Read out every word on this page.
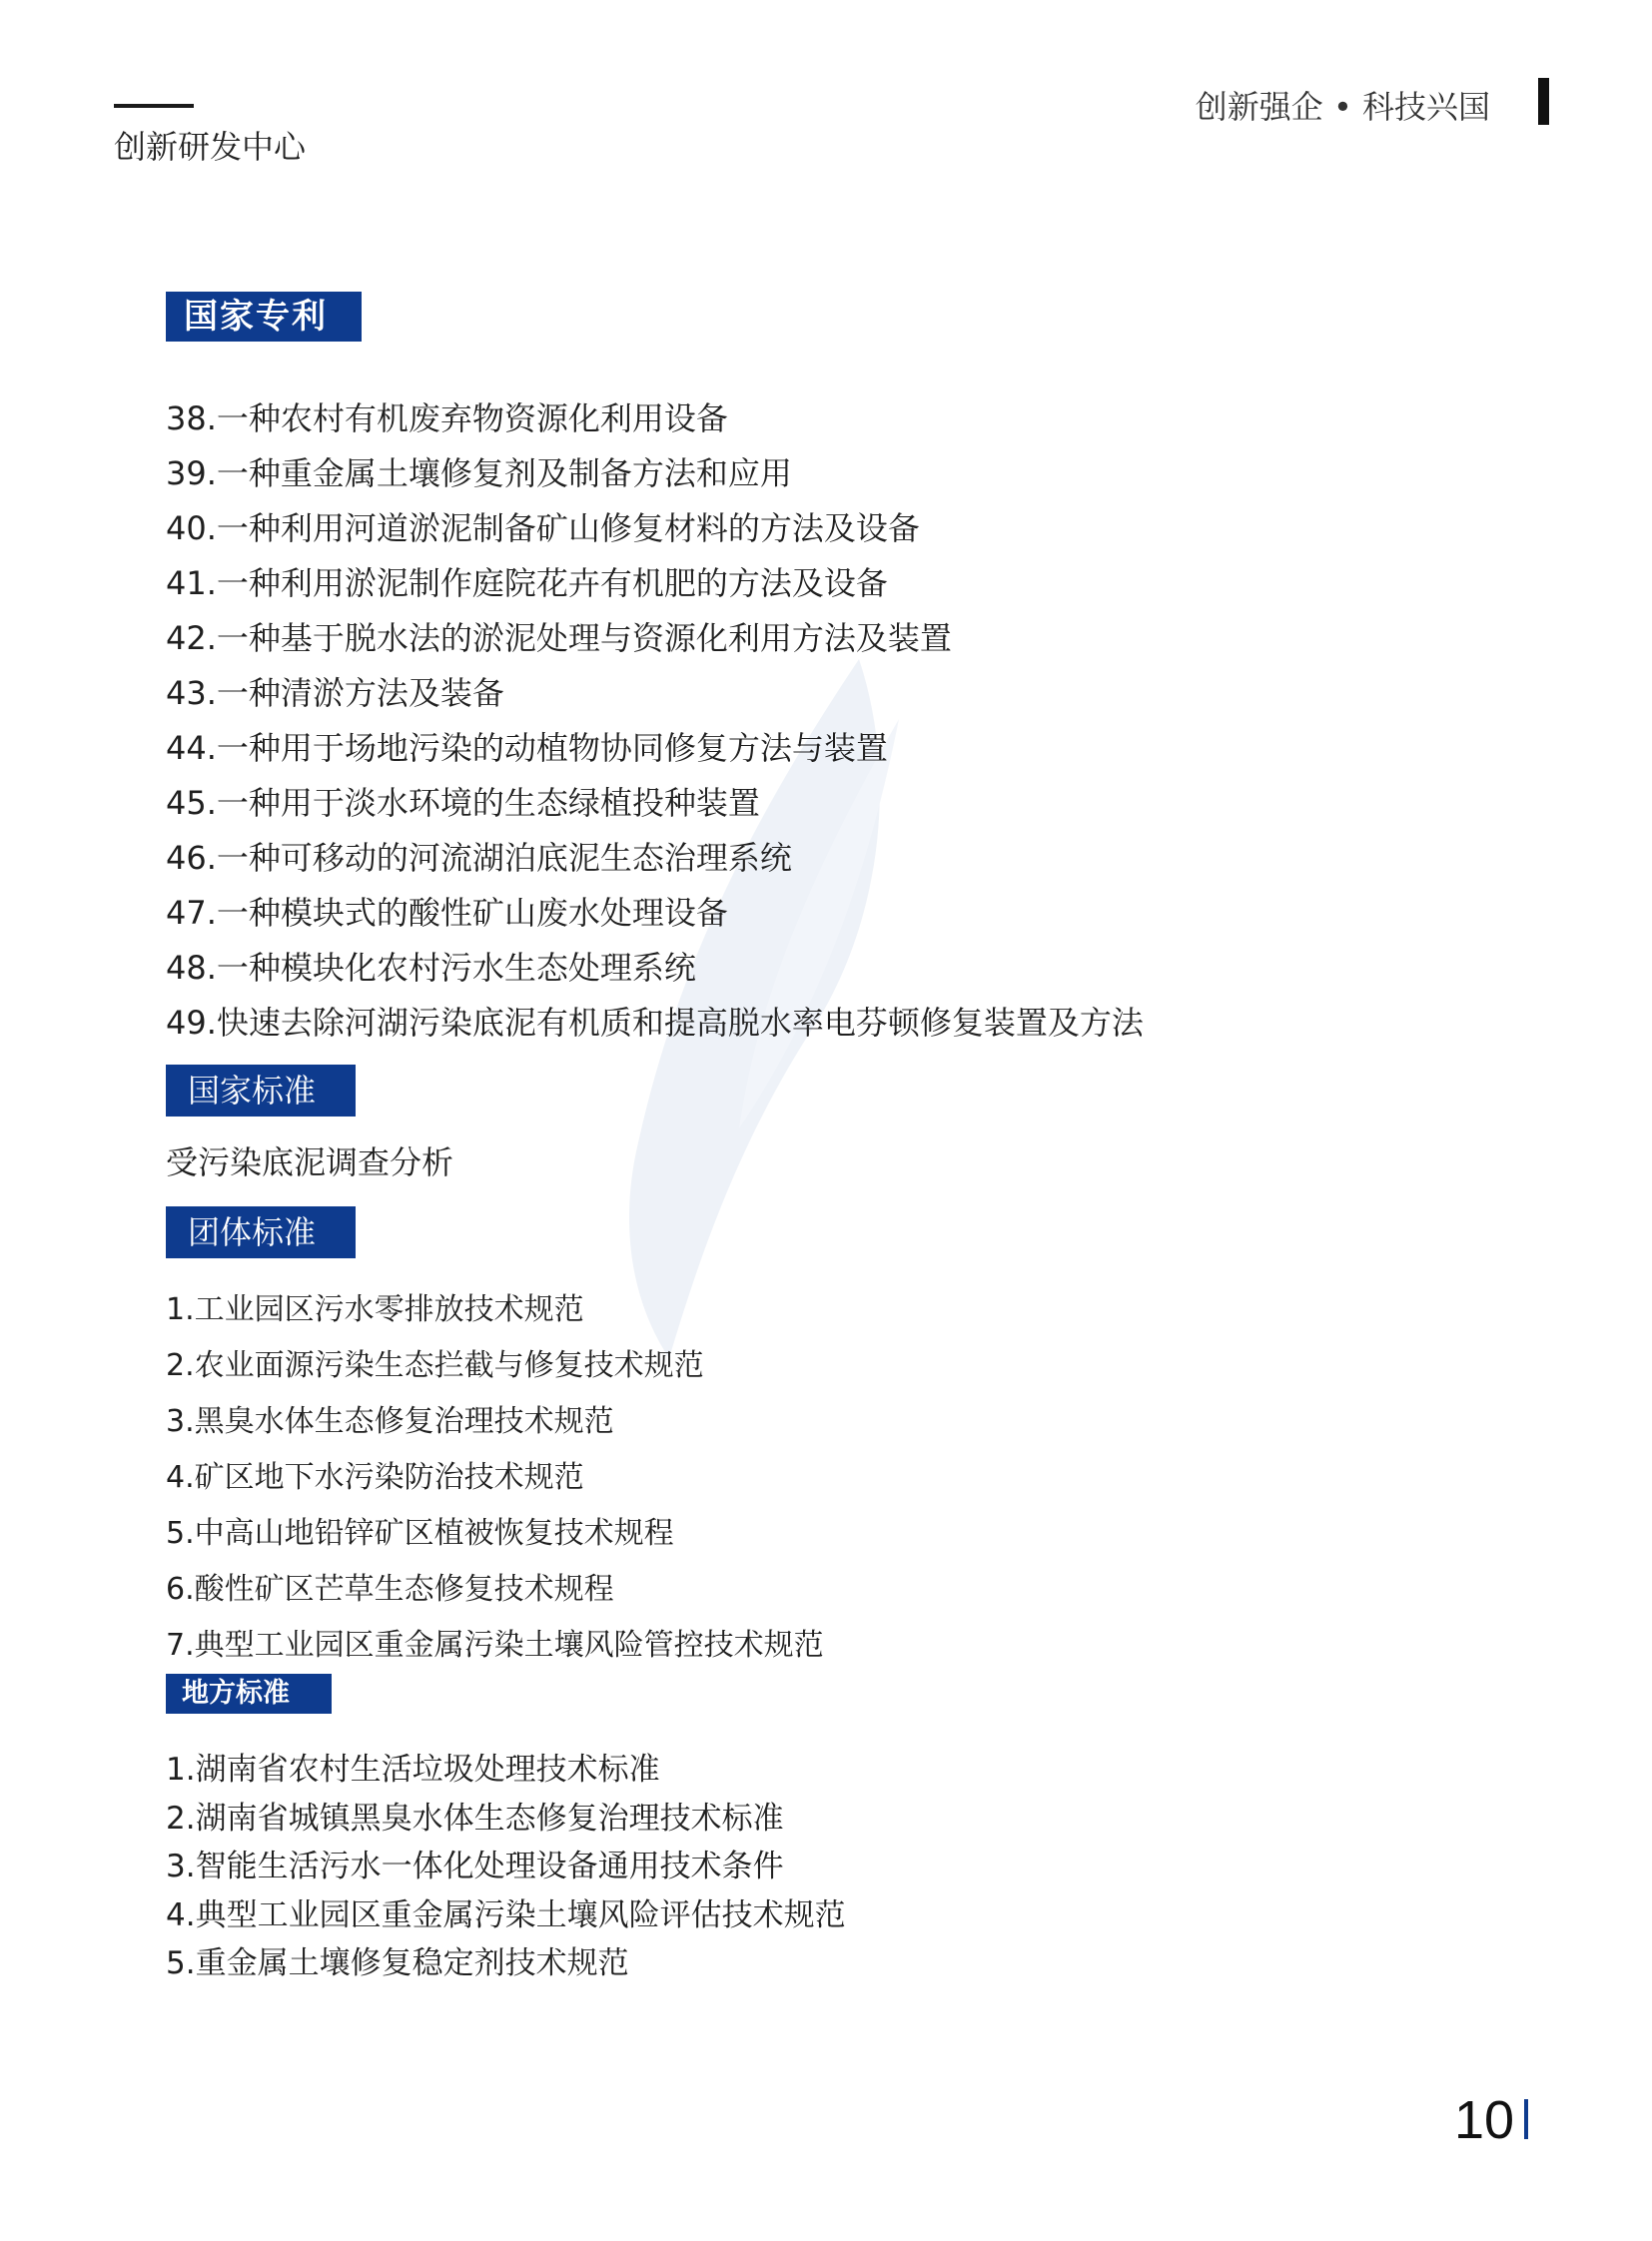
创新研发中心
创新强企 • 科技兴国
国家专利
38.一种农村有机废弃物资源化利用设备
39.一种重金属土壤修复剂及制备方法和应用
40.一种利用河道淤泥制备矿山修复材料的方法及设备
41.一种利用淤泥制作庭院花卉有机肥的方法及设备
42.一种基于脱水法的淤泥处理与资源化利用方法及装置
43.一种清淤方法及装备
44.一种用于场地污染的动植物协同修复方法与装置
45.一种用于淡水环境的生态绿植投种装置
46.一种可移动的河流湖泊底泥生态治理系统
47.一种模块式的酸性矿山废水处理设备
48.一种模块化农村污水生态处理系统
49.快速去除河湖污染底泥有机质和提高脱水率电芬顿修复装置及方法
国家标准
受污染底泥调查分析
团体标准
1.工业园区污水零排放技术规范
2.农业面源污染生态拦截与修复技术规范
3.黑臭水体生态修复治理技术规范
4.矿区地下水污染防治技术规范
5.中高山地铅锌矿区植被恢复技术规程
6.酸性矿区芒草生态修复技术规程
7.典型工业园区重金属污染土壤风险管控技术规范
地方标准
1.湖南省农村生活垃圾处理技术标准
2.湖南省城镇黑臭水体生态修复治理技术标准
3.智能生活污水一体化处理设备通用技术条件
4.典型工业园区重金属污染土壤风险评估技术规范
5.重金属土壤修复稳定剂技术规范
10
